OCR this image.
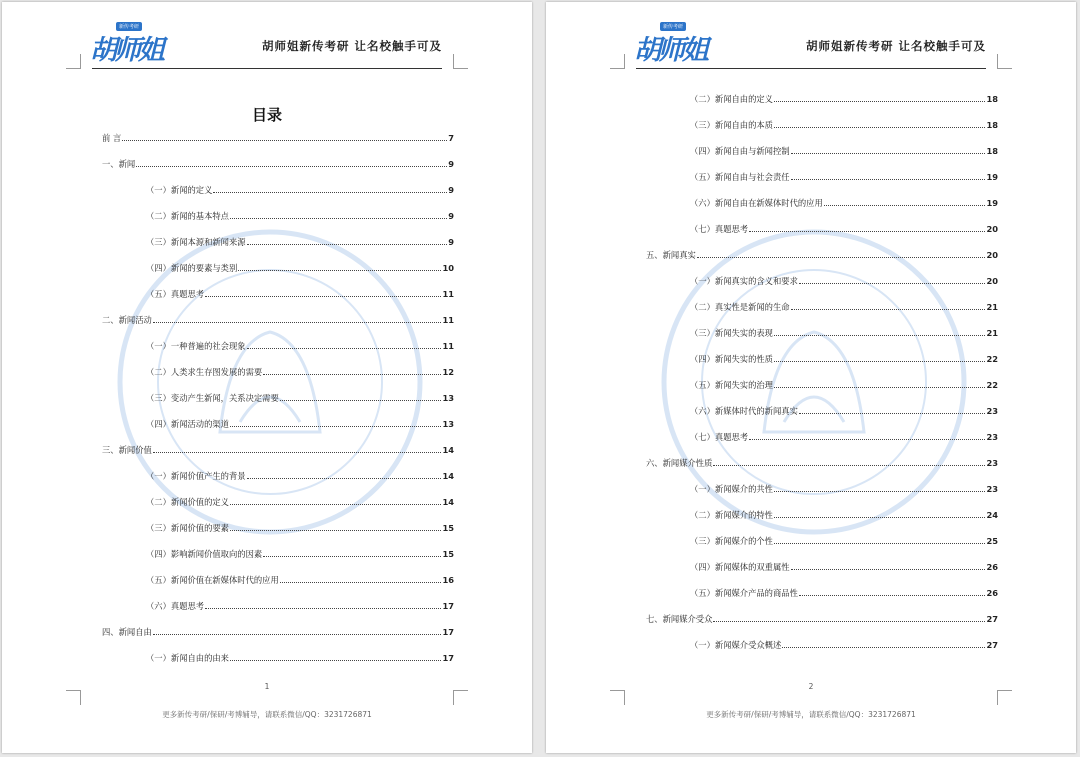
胡师姐
新传考研
胡师姐新传考研 让名校触手可及
目录
前 言	7
一、新闻	9
（一）新闻的定义	9
（二）新闻的基本特点	9
（三）新闻本源和新闻来源	9
（四）新闻的要素与类别	10
（五）真题思考	11
二、新闻活动	11
（一）一种普遍的社会现象	11
（二）人类求生存图发展的需要	12
（三）变动产生新闻，关系决定需要	13
（四）新闻活动的渠道	13
三、新闻价值	14
（一）新闻价值产生的背景	14
（二）新闻价值的定义	14
（三）新闻价值的要素	15
（四）影响新闻价值取向的因素	15
（五）新闻价值在新媒体时代的应用	16
（六）真题思考	17
四、新闻自由	17
（一）新闻自由的由来	17
1
更多新传考研/保研/考博辅导，请联系微信/QQ：3231726871
胡师姐
新传考研
胡师姐新传考研 让名校触手可及
（二）新闻自由的定义	18
（三）新闻自由的本质	18
（四）新闻自由与新闻控制	18
（五）新闻自由与社会责任	19
（六）新闻自由在新媒体时代的应用	19
（七）真题思考	20
五、新闻真实	20
（一）新闻真实的含义和要求	20
（二）真实性是新闻的生命	21
（三）新闻失实的表现	21
（四）新闻失实的性质	22
（五）新闻失实的治理	22
（六）新媒体时代的新闻真实	23
（七）真题思考	23
六、新闻媒介性质	23
（一）新闻媒介的共性	23
（二）新闻媒介的特性	24
（三）新闻媒介的个性	25
（四）新闻媒体的双重属性	26
（五）新闻媒介产品的商品性	26
七、新闻媒介受众	27
（一）新闻媒介受众概述	27
2
更多新传考研/保研/考博辅导，请联系微信/QQ：3231726871
